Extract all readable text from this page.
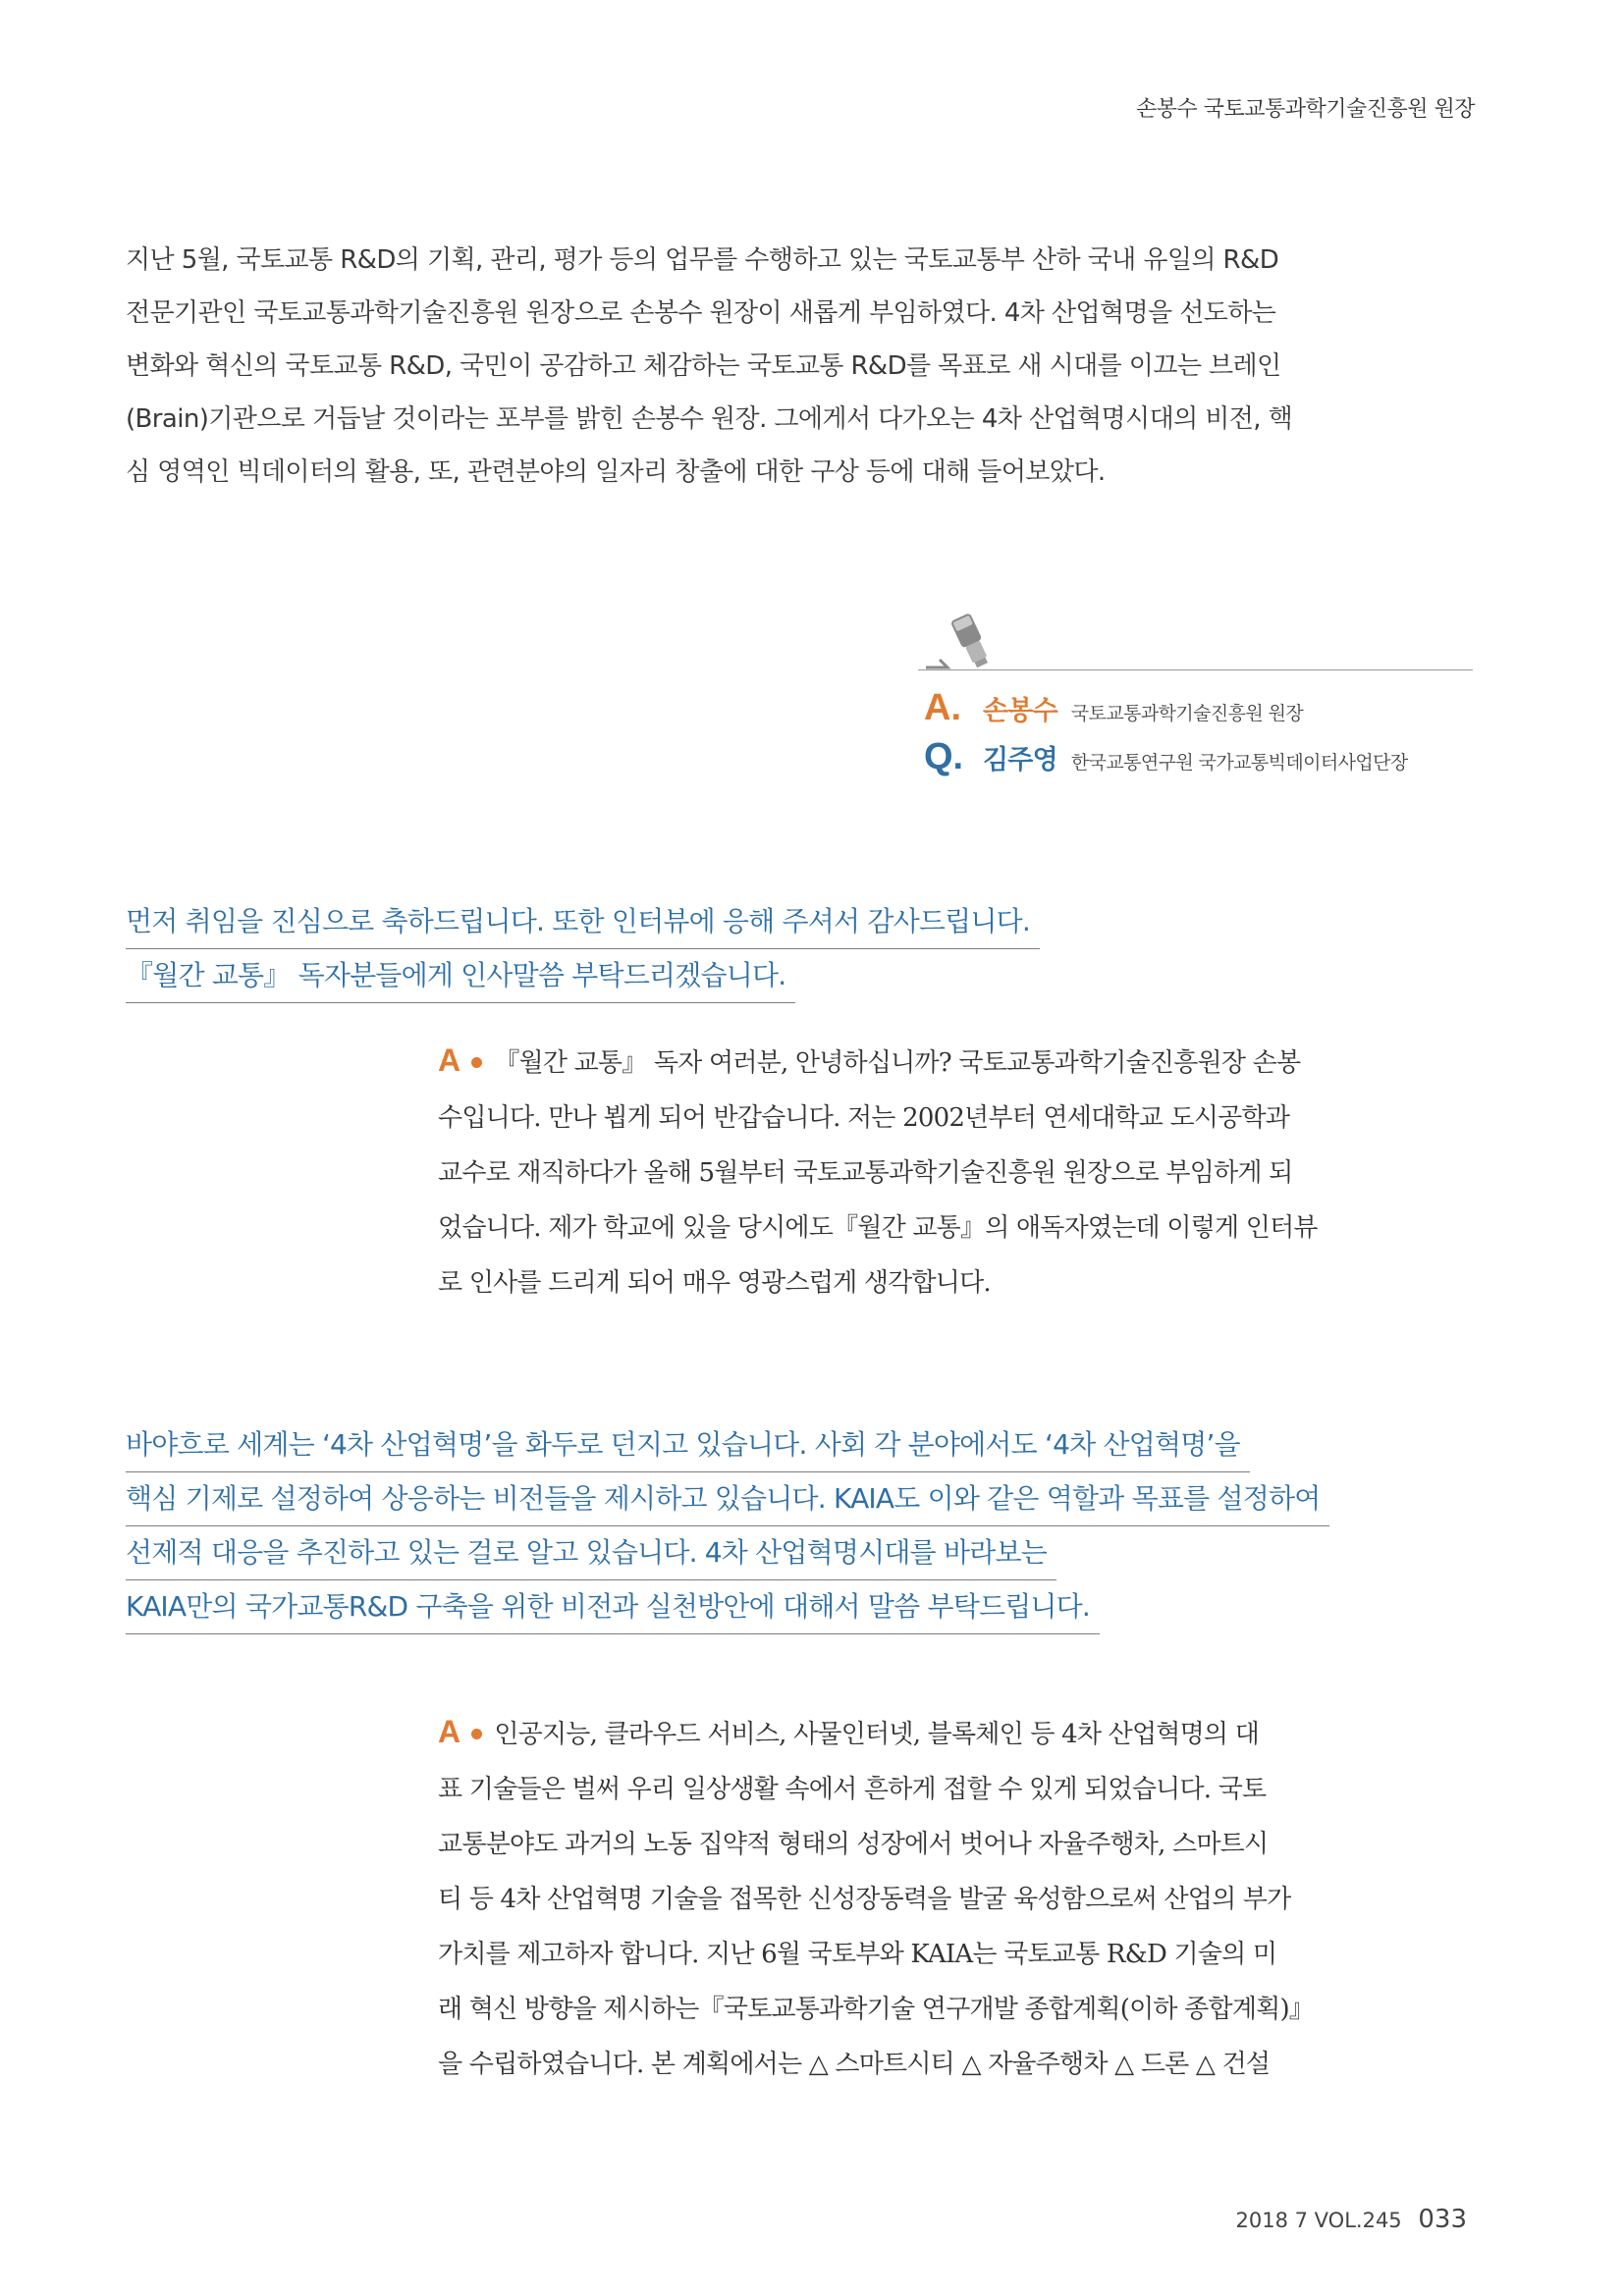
손봉수 국토교통과학기술진흥원 원장

지난 5월, 국토교통 R&D의 기획, 관리, 평가 등의 업무를 수행하고 있는 국토교통부 산하 국내 유일의 R&D

전문기관인 국토교통과학기술진흥원 원장으로 손봉수 원장이 새롭게 부임하였다. 4차 산업혁명을 선도하는

변화와 혁신의 국토교통 R&D, 국민이 공감하고 체감하는 국토교통 R&D를 목표로 새 시대를 이끄는 브레인

(Brain)기관으로 거듭날 것이라는 포부를 밝힌 손봉수 원장. 그에게서 다가오는 4차 산업혁명시대의 비전, 핵

심 영역인 빅데이터의 활용, 또, 관련분야의 일자리 창출에 대한 구상 등에 대해 들어보았다.

A. 손봉수 국토교통과학기술진흥원 원장
Q. 김주영 한국교통연구원 국가교통빅데이터사업단장
먼저 취임을 진심으로 축하드립니다. 또한 인터뷰에 응해 주셔서 감사드립니다.
『월간 교통』 독자분들에게 인사말씀 부탁드리겠습니다.

A 『월간 교통』 독자 여러분, 안녕하십니까? 국토교통과학기술진흥원장 손봉

수입니다. 만나 뵙게 되어 반갑습니다. 저는 2002년부터 연세대학교 도시공학과

교수로 재직하다가 올해 5월부터 국토교통과학기술진흥원 원장으로 부임하게 되

었습니다. 제가 학교에 있을 당시에도『월간 교통』의 애독자였는데 이렇게 인터뷰

로 인사를 드리게 되어 매우 영광스럽게 생각합니다.

바야흐로 세계는 ‘4차 산업혁명’을 화두로 던지고 있습니다. 사회 각 분야에서도 ‘4차 산업혁명’을
핵심 기제로 설정하여 상응하는 비전들을 제시하고 있습니다. KAIA도 이와 같은 역할과 목표를 설정하여
선제적 대응을 추진하고 있는 걸로 알고 있습니다. 4차 산업혁명시대를 바라보는
KAIA만의 국가교통R&D 구축을 위한 비전과 실천방안에 대해서 말씀 부탁드립니다.

A 인공지능, 클라우드 서비스, 사물인터넷, 블록체인 등 4차 산업혁명의 대

표 기술들은 벌써 우리 일상생활 속에서 흔하게 접할 수 있게 되었습니다. 국토

교통분야도 과거의 노동 집약적 형태의 성장에서 벗어나 자율주행차, 스마트시

티 등 4차 산업혁명 기술을 접목한 신성장동력을 발굴 육성함으로써 산업의 부가

가치를 제고하자 합니다. 지난 6월 국토부와 KAIA는 국토교통 R&D 기술의 미

래 혁신 방향을 제시하는『국토교통과학기술 연구개발 종합계획(이하 종합계획)』

을 수립하였습니다. 본 계획에서는 △ 스마트시티 △ 자율주행차 △ 드론 △ 건설

2018 7 VOL.245 033
